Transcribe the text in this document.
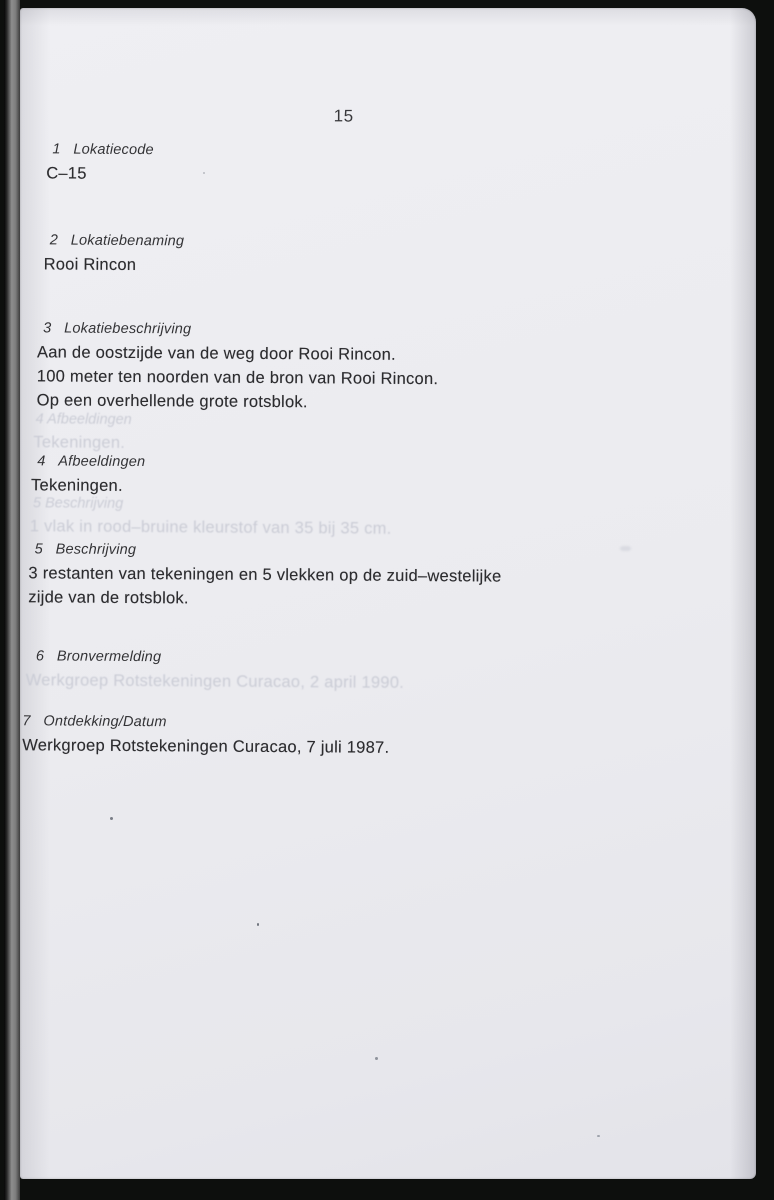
15
1 Lokatiecode
C–15
2 Lokatiebenaming
Rooi Rincon
3 Lokatiebeschrijving
Aan de oostzijde van de weg door Rooi Rincon.
100 meter ten noorden van de bron van Rooi Rincon.
Op een overhellende grote rotsblok.
4 Afbeeldingen
Tekeningen.
5 Beschrijving
3 restanten van tekeningen en 5 vlekken op de zuid–westelijke
zijde van de rotsblok.
6 Bronvermelding
7 Ontdekking/Datum
Werkgroep Rotstekeningen Curacao, 7 juli 1987.
4 Afbeeldingen
Tekeningen.
5 Beschrijving
1 vlak in rood–bruine kleurstof van 35 bij 35 cm.
Werkgroep Rotstekeningen Curacao, 2 april 1990.
